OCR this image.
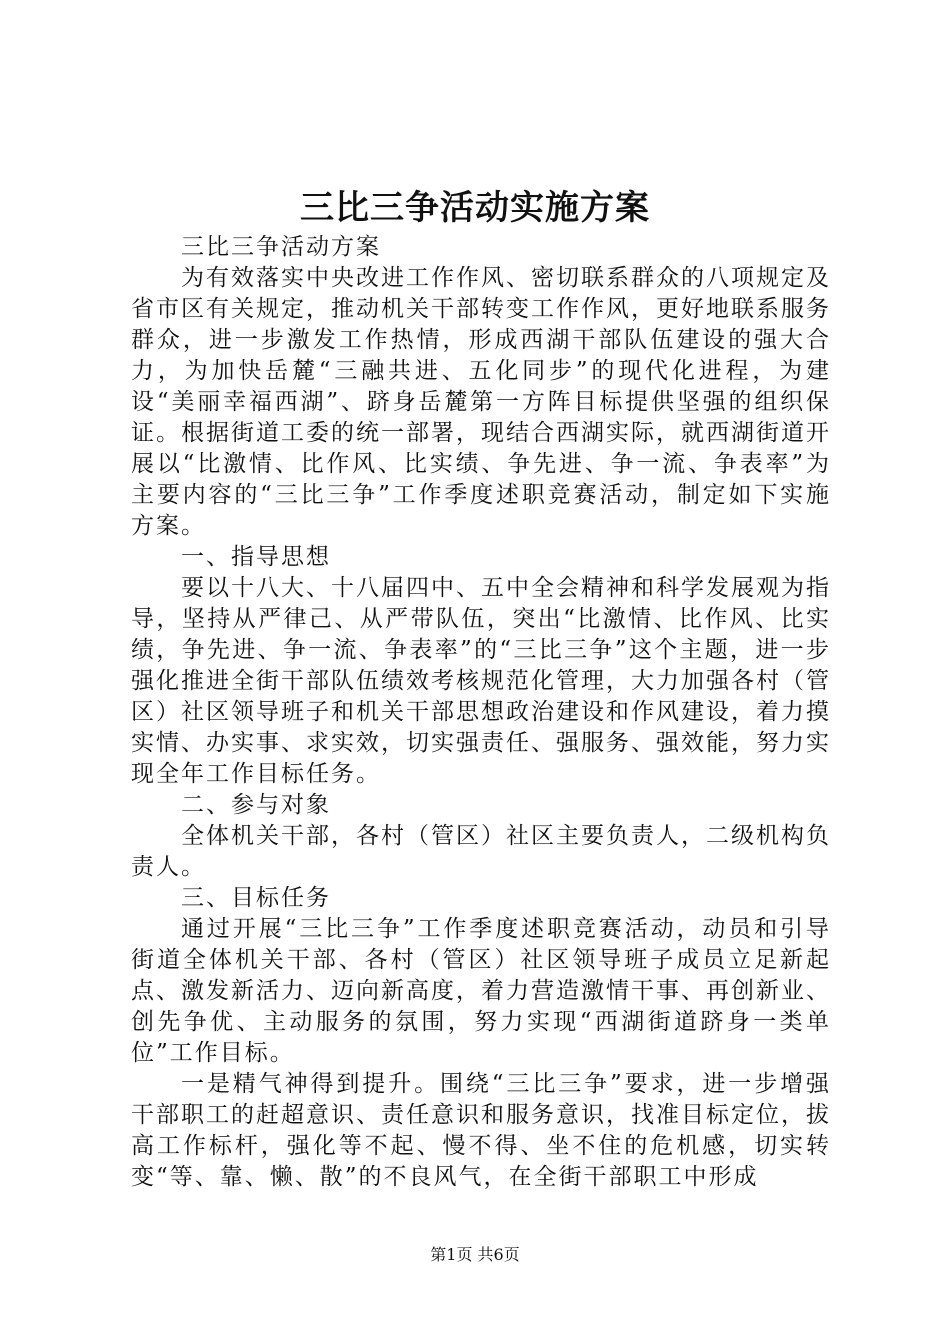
三比三争活动实施方案

三比三争活动方案

为有效落实中央改进工作作风、密切联系群众的八项规定及省市区有关规定，推动机关干部转变工作作风，更好地联系服务群众，进一步激发工作热情，形成西湖干部队伍建设的强大合力，为加快岳麓“三融共进、五化同步”的现代化进程，为建设“美丽幸福西湖”、跻身岳麓第一方阵目标提供坚强的组织保证。根据街道工委的统一部署，现结合西湖实际，就西湖街道开展以“比激情、比作风、比实绩、争先进、争一流、争表率”为主要内容的“三比三争”工作季度述职竞赛活动，制定如下实施方案。

一、指导思想

要以十八大、十八届四中、五中全会精神和科学发展观为指导，坚持从严律己、从严带队伍，突出“比激情、比作风、比实绩，争先进、争一流、争表率”的“三比三争”这个主题，进一步强化推进全街干部队伍绩效考核规范化管理，大力加强各村（管区）社区领导班子和机关干部思想政治建设和作风建设，着力摸实情、办实事、求实效，切实强责任、强服务、强效能，努力实现全年工作目标任务。

二、参与对象

全体机关干部，各村（管区）社区主要负责人，二级机构负责人。

三、目标任务

通过开展“三比三争”工作季度述职竞赛活动，动员和引导街道全体机关干部、各村（管区）社区领导班子成员立足新起点、激发新活力、迈向新高度，着力营造激情干事、再创新业、创先争优、主动服务的氛围，努力实现“西湖街道跻身一类单位”工作目标。

一是精气神得到提升。围绕“三比三争”要求，进一步增强干部职工的赶超意识、责任意识和服务意识，找准目标定位，拔高工作标杆，强化等不起、慢不得、坐不住的危机感，切实转变“等、靠、懒、散”的不良风气，在全街干部职工中形成

第1页 共6页
